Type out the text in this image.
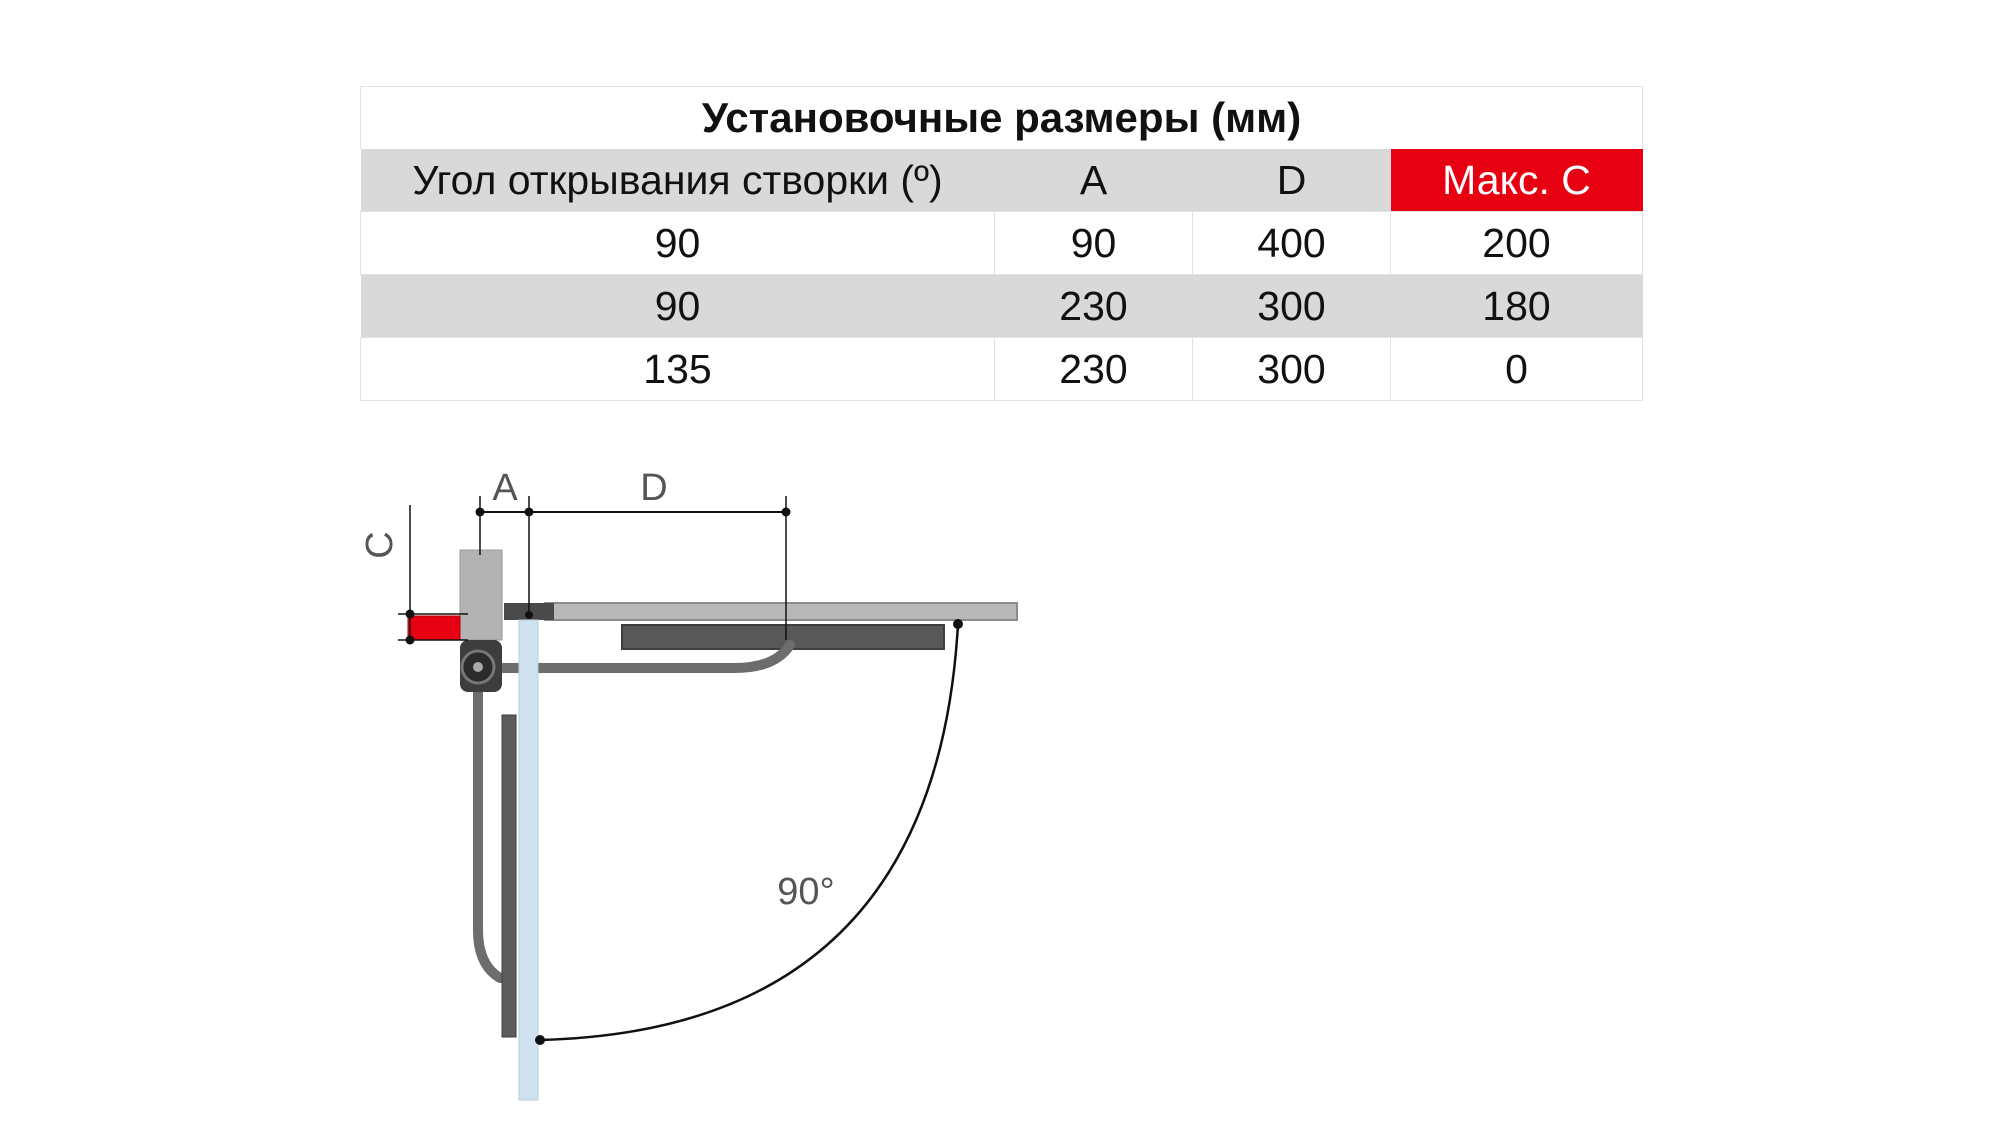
Установочные размеры (мм)			
Угол открывания створки (º)	A	D	Макс. C
90	90	400	200
90	230	300	180
135	230	300	0
A	D
C
90°
